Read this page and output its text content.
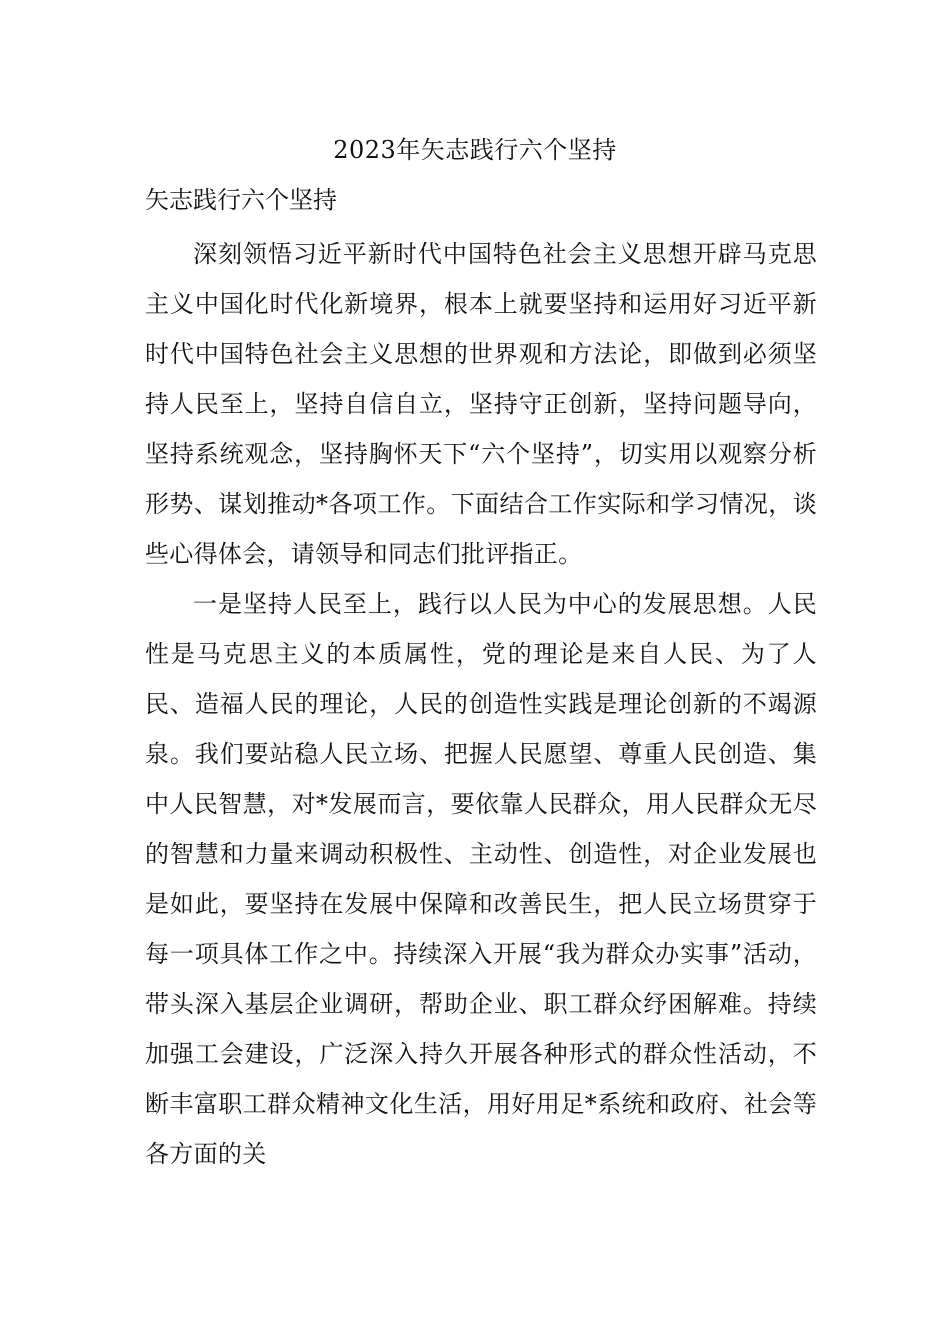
2023年矢志践行六个坚持
矢志践行六个坚持

深刻领悟习近平新时代中国特色社会主义思想开辟马克思主义中国化时代化新境界，根本上就要坚持和运用好习近平新时代中国特色社会主义思想的世界观和方法论，即做到必须坚持人民至上，坚持自信自立，坚持守正创新，坚持问题导向，坚持系统观念，坚持胸怀天下“六个坚持”，切实用以观察分析形势、谋划推动*各项工作。下面结合工作实际和学习情况，谈些心得体会，请领导和同志们批评指正。

一是坚持人民至上，践行以人民为中心的发展思想。人民性是马克思主义的本质属性，党的理论是来自人民、为了人民、造福人民的理论，人民的创造性实践是理论创新的不竭源泉。我们要站稳人民立场、把握人民愿望、尊重人民创造、集中人民智慧，对*发展而言，要依靠人民群众，用人民群众无尽的智慧和力量来调动积极性、主动性、创造性，对企业发展也是如此，要坚持在发展中保障和改善民生，把人民立场贯穿于每一项具体工作之中。持续深入开展“我为群众办实事”活动，带头深入基层企业调研，帮助企业、职工群众纾困解难。持续加强工会建设，广泛深入持久开展各种形式的群众性活动，不断丰富职工群众精神文化生活，用好用足*系统和政府、社会等各方面的关
